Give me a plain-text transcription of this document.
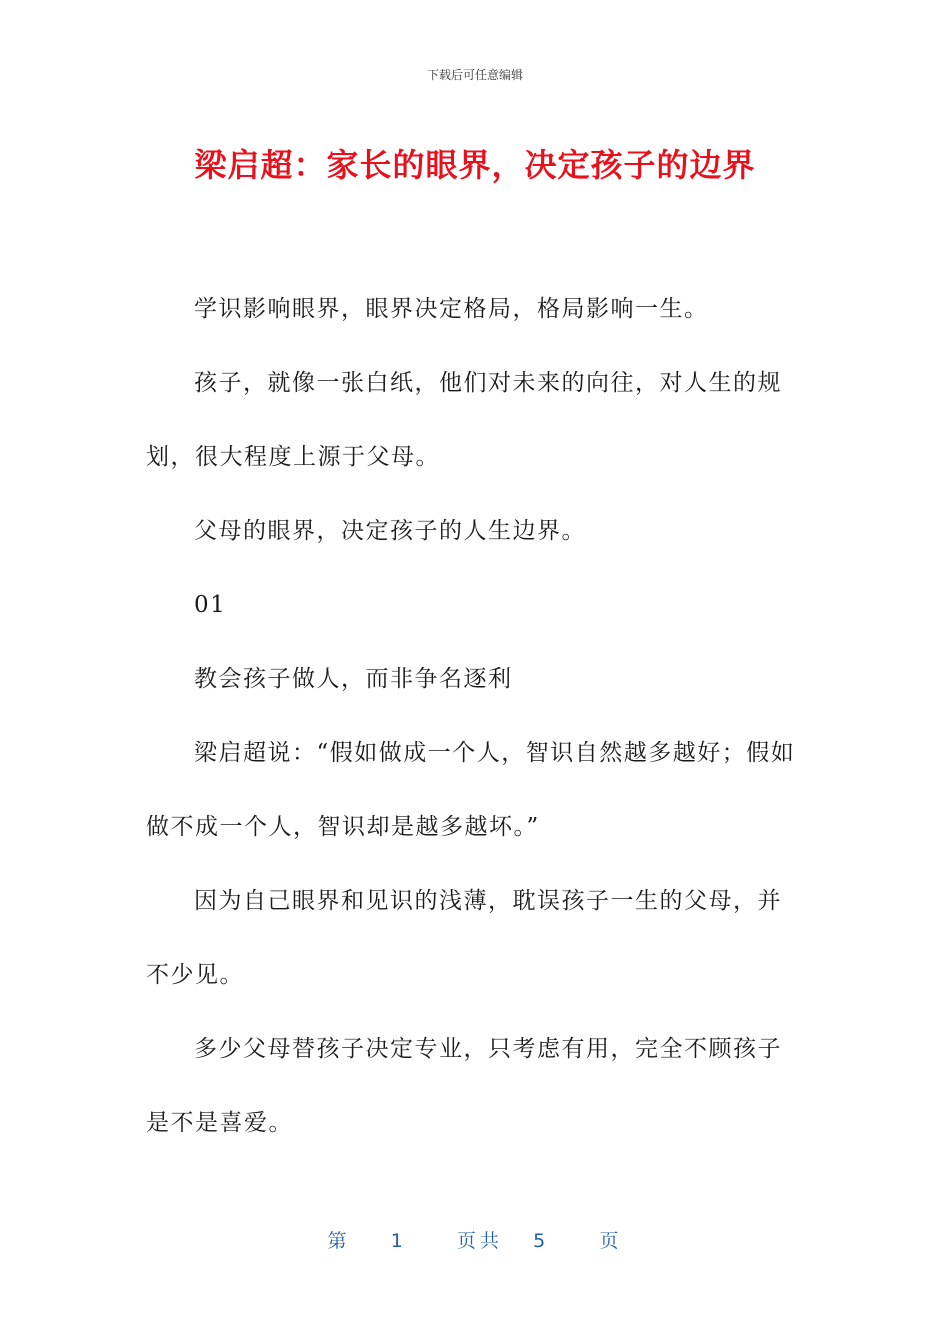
下载后可任意编辑
梁启超：家长的眼界，决定孩子的边界

学识影响眼界，眼界决定格局，格局影响一生。

孩子，就像一张白纸，他们对未来的向往，对人生的规划，很大程度上源于父母。

父母的眼界，决定孩子的人生边界。

01

教会孩子做人，而非争名逐利

梁启超说：“假如做成一个人，智识自然越多越好；假如做不成一个人，智识却是越多越坏。”

因为自己眼界和见识的浅薄，耽误孩子一生的父母，并不少见。

多少父母替孩子决定专业，只考虑有用，完全不顾孩子是不是喜爱。

第 1	页共 5	页
